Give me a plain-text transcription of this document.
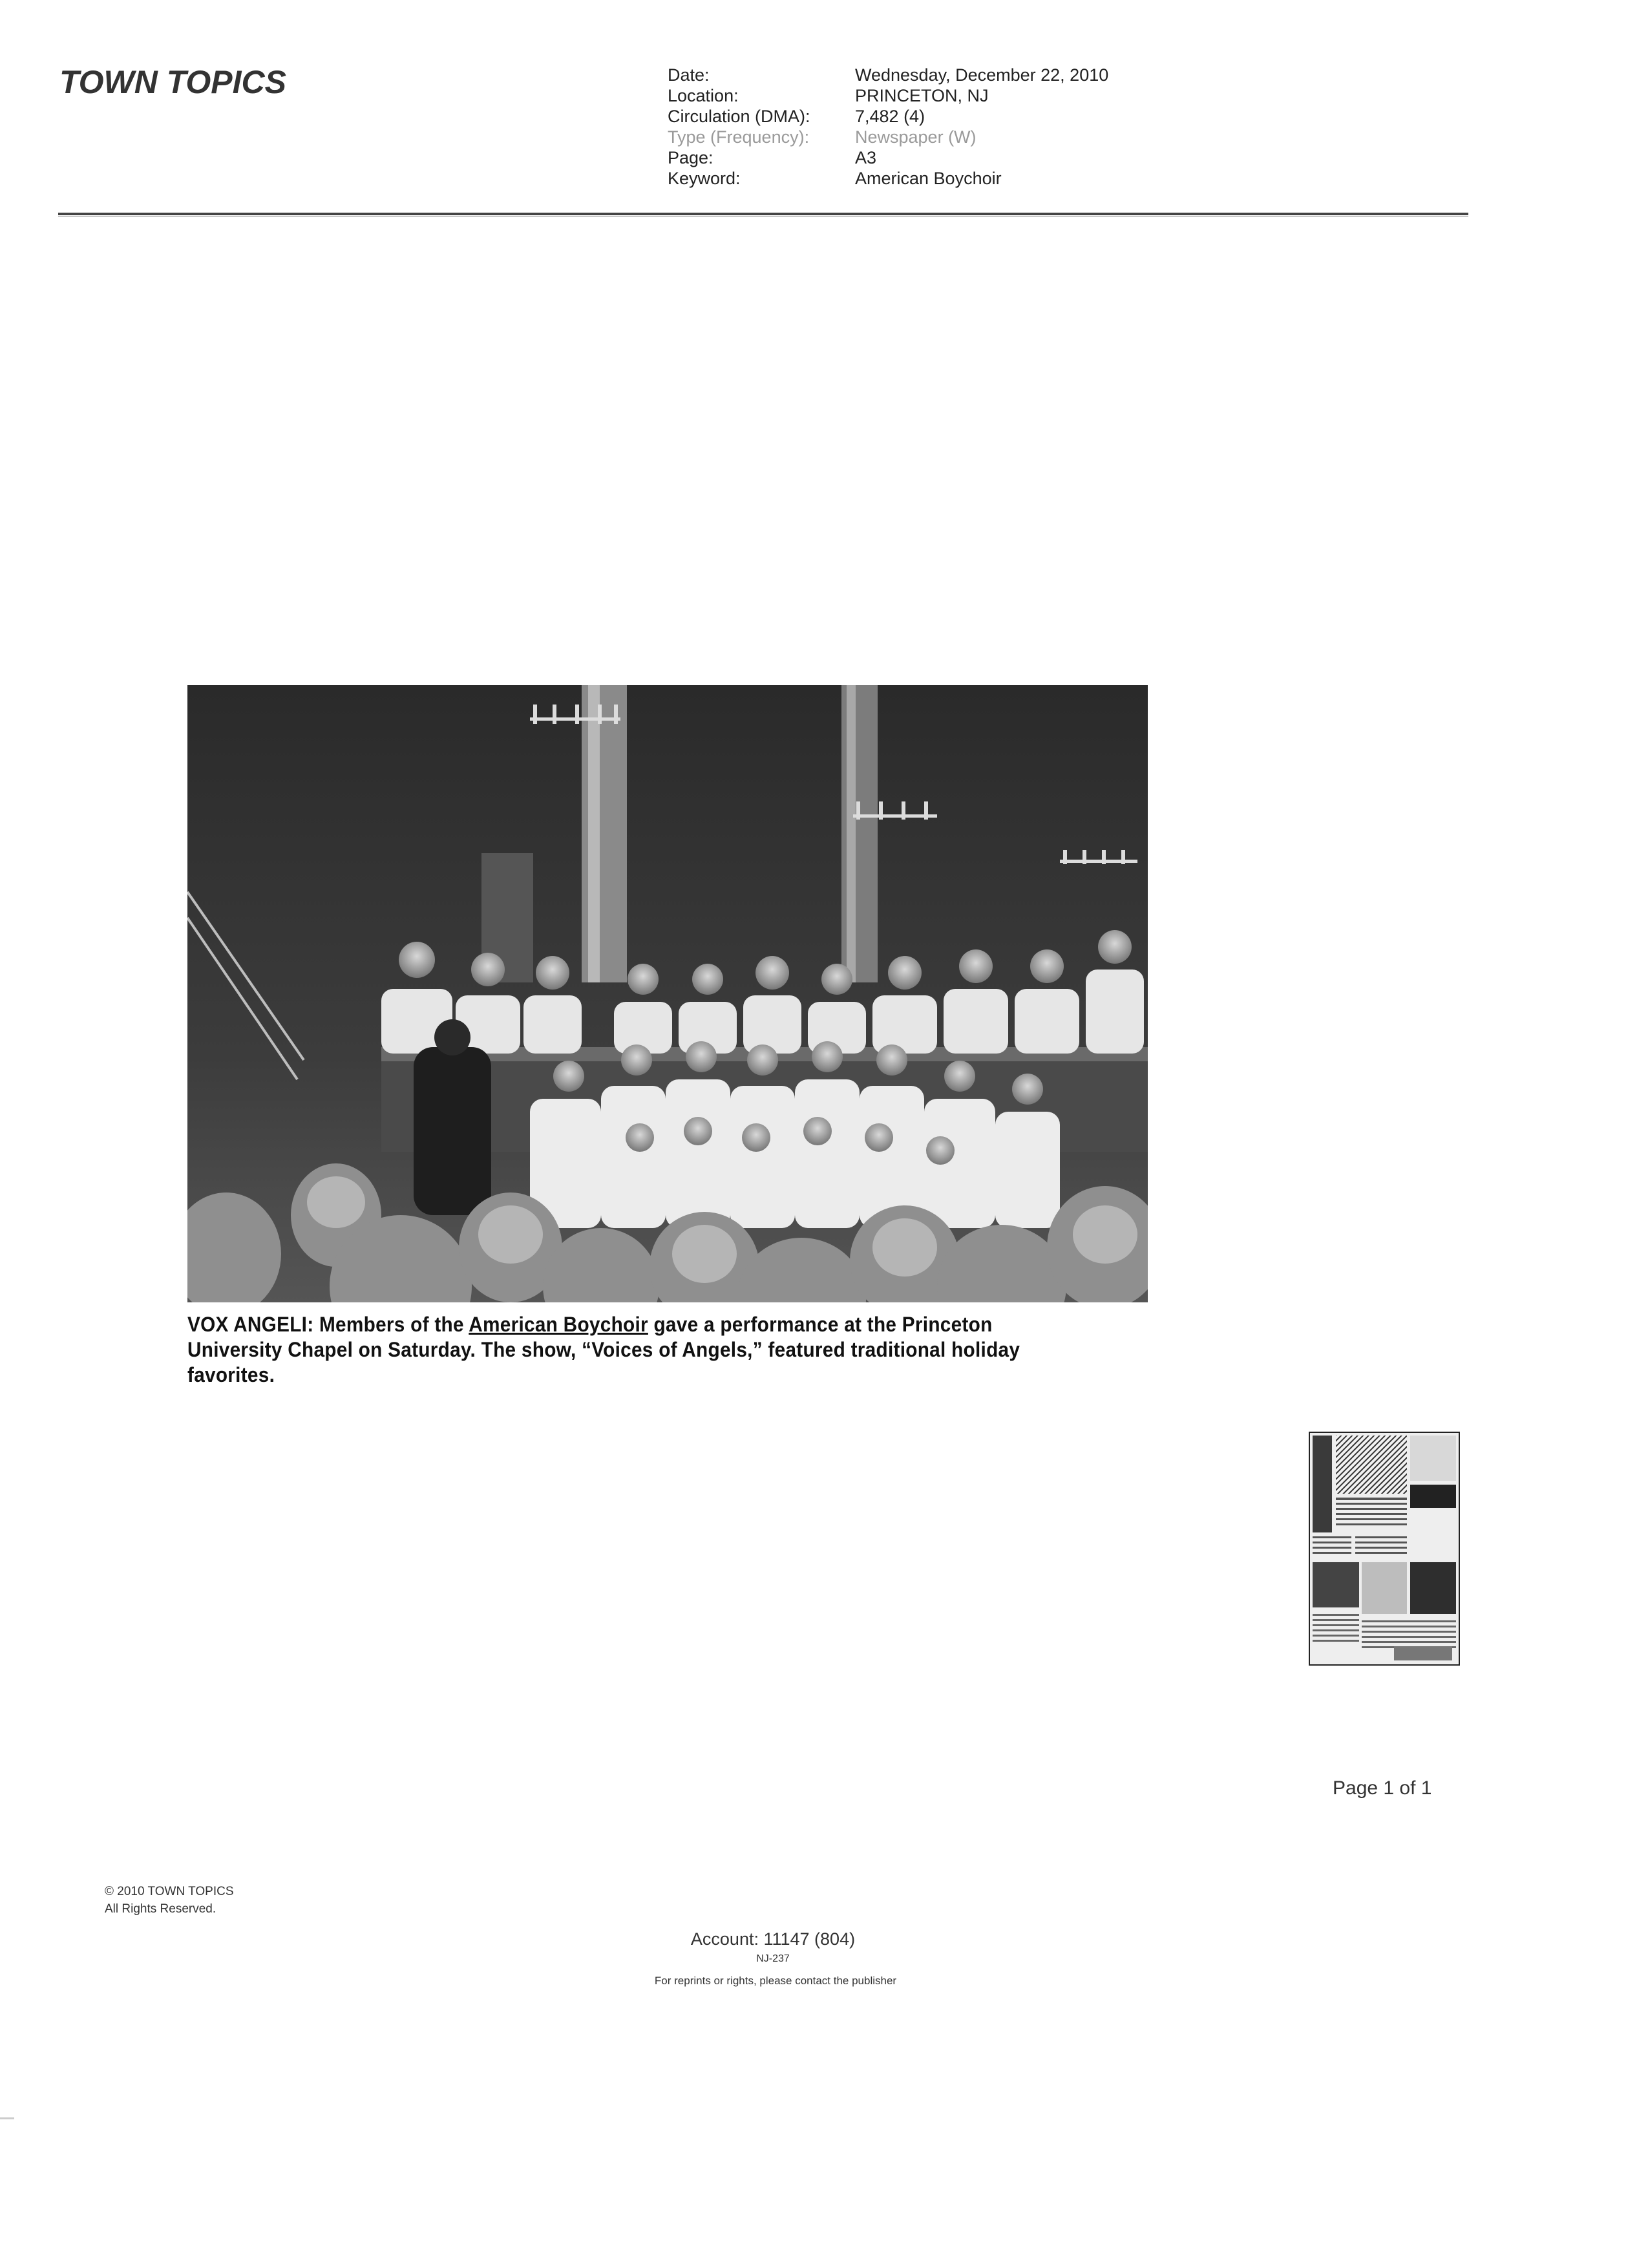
TOWN TOPICS	Date:	Wednesday, December 22, 2010
Location:	PRINCETON, NJ
Circulation (DMA):	7,482 (4)
Type (Frequency):	Newspaper (W)
Page:	A3
Keyword:	American Boychoir
VOX ANGELI: Members of the American Boychoir gave a performance at the Princeton University Chapel on Saturday. The show, “Voices of Angels,” featured traditional holiday favorites.
Page 1 of 1
© 2010 TOWN TOPICS
All Rights Reserved.
Account: 11147 (804)
NJ-237
For reprints or rights, please contact the publisher
